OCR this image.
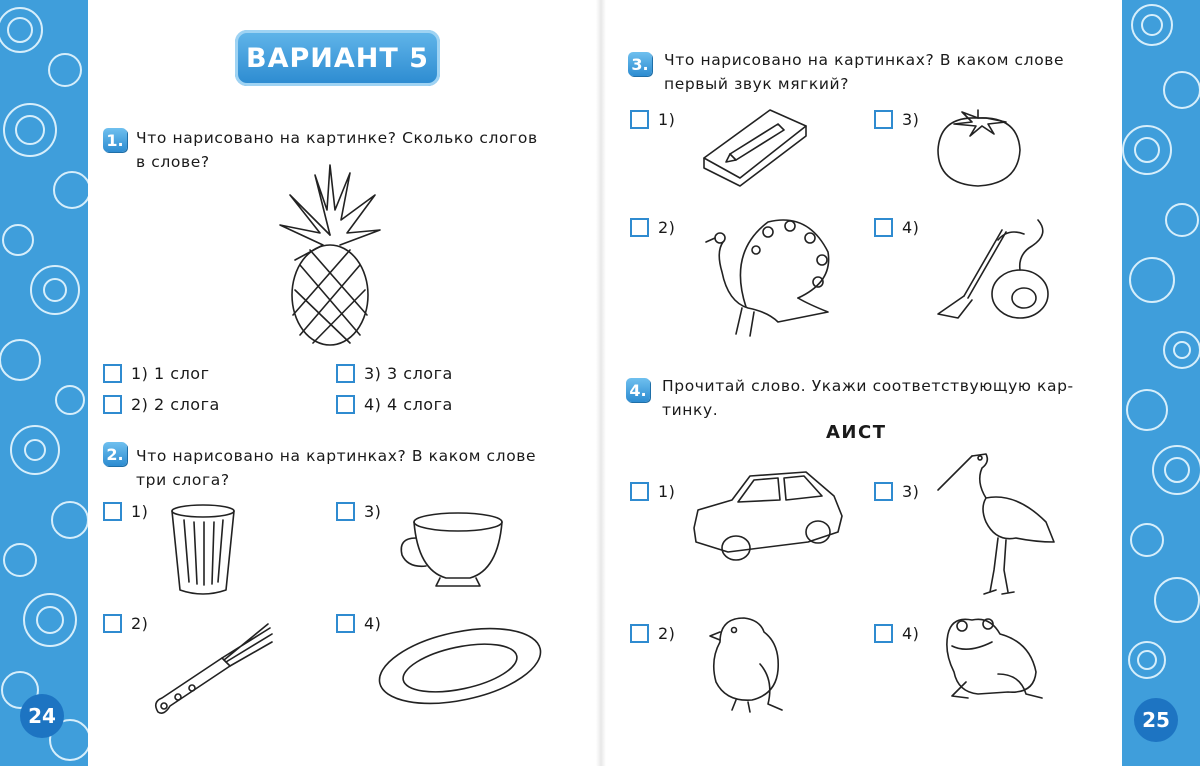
ВАРИАНТ 5
1. Что нарисовано на картинке? Сколько слогов
в слове?
1) 1 слог	3) 3 слога
2) 2 слога	4) 4 слога
2. Что нарисовано на картинках? В каком слове
три слога?
1)	3)
2)	4)
24
3. Что нарисовано на картинках? В каком слове
первый звук мягкий?
1)	3)
2)	4)
4. Прочитай слово. Укажи соответствующую кар-
тинку.
АИСТ
1)	3)
2)	4)
25
